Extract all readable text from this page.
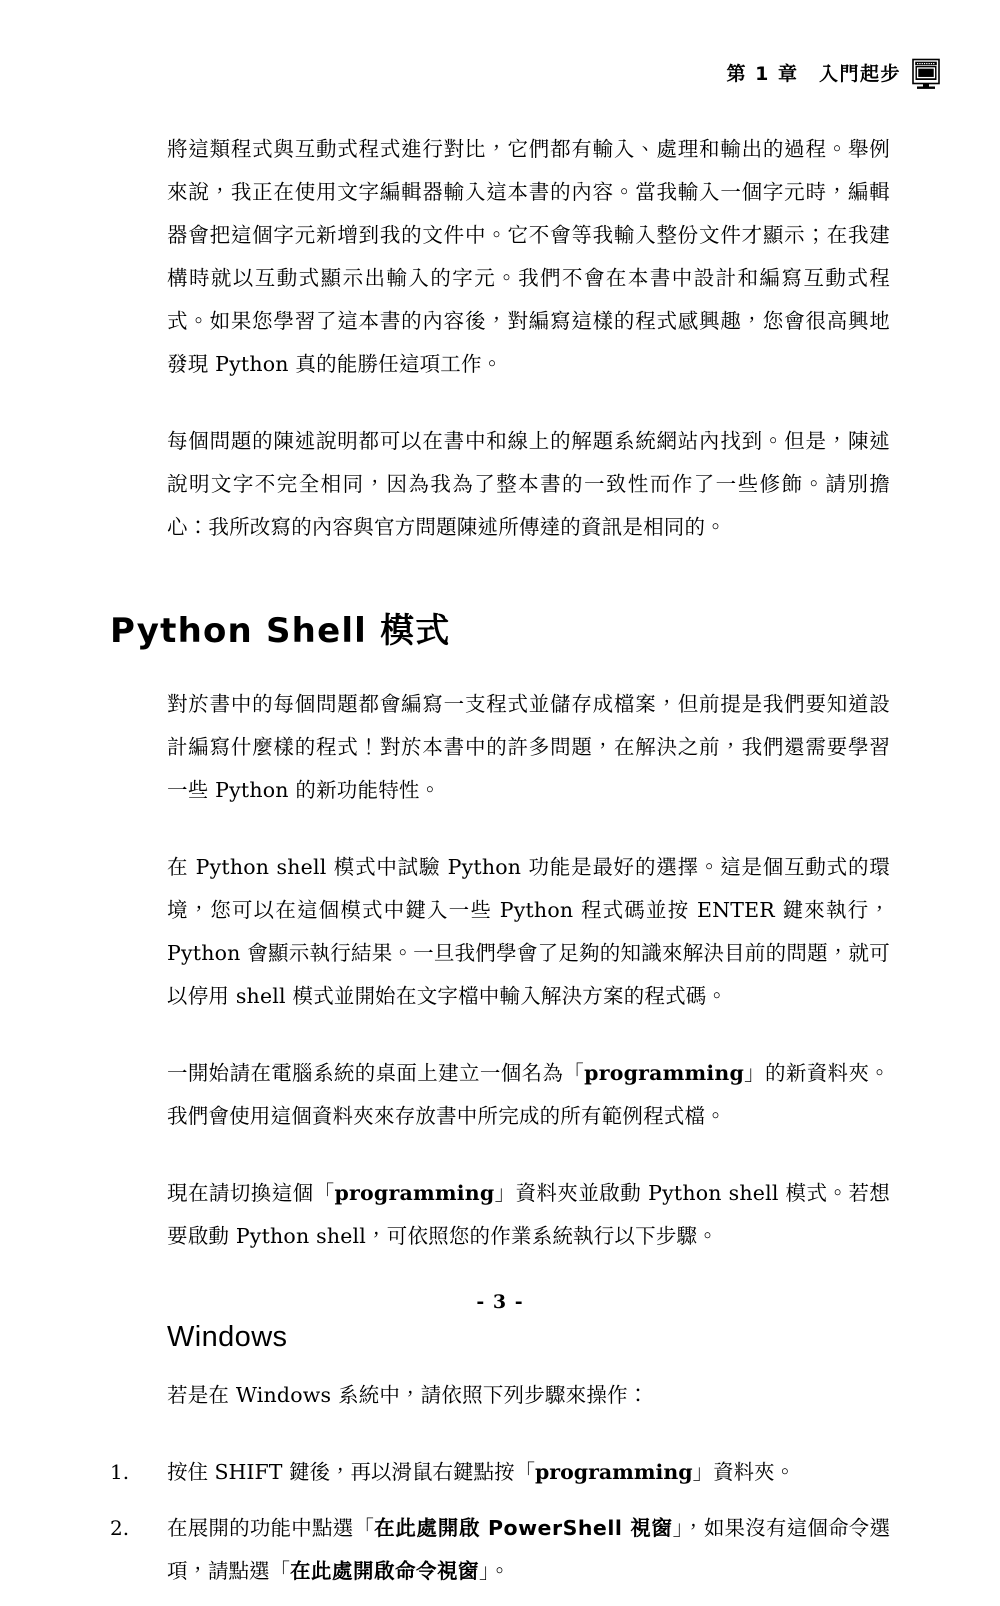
第 1 章　入門起步

將這類程式與互動式程式進行對比，它們都有輸入、處理和輸出的過程。舉例來說，我正在使用文字編輯器輸入這本書的內容。當我輸入一個字元時，編輯器會把這個字元新增到我的文件中。它不會等我輸入整份文件才顯示；在我建構時就以互動式顯示出輸入的字元。我們不會在本書中設計和編寫互動式程式。如果您學習了這本書的內容後，對編寫這樣的程式感興趣，您會很高興地發現 Python 真的能勝任這項工作。

每個問題的陳述說明都可以在書中和線上的解題系統網站內找到。但是，陳述說明文字不完全相同，因為我為了整本書的一致性而作了一些修飾。請別擔心：我所改寫的內容與官方問題陳述所傳達的資訊是相同的。

Python Shell 模式

對於書中的每個問題都會編寫一支程式並儲存成檔案，但前提是我們要知道設計編寫什麼樣的程式！對於本書中的許多問題，在解決之前，我們還需要學習一些 Python 的新功能特性。

在 Python shell 模式中試驗 Python 功能是最好的選擇。這是個互動式的環境，您可以在這個模式中鍵入一些 Python 程式碼並按 ENTER 鍵來執行，Python 會顯示執行結果。一旦我們學會了足夠的知識來解決目前的問題，就可以停用 shell 模式並開始在文字檔中輸入解決方案的程式碼。

一開始請在電腦系統的桌面上建立一個名為「programming」的新資料夾。我們會使用這個資料夾來存放書中所完成的所有範例程式檔。

現在請切換這個「programming」資料夾並啟動 Python shell 模式。若想要啟動 Python shell，可依照您的作業系統執行以下步驟。

Windows

若是在 Windows 系統中，請依照下列步驟來操作：

1.	按住 SHIFT 鍵後，再以滑鼠右鍵點按「programming」資料夾。
2.	在展開的功能中點選「在此處開啟 PowerShell 視窗」，如果沒有這個命令選項，請點選「在此處開啟命令視窗」。
- 3 -
